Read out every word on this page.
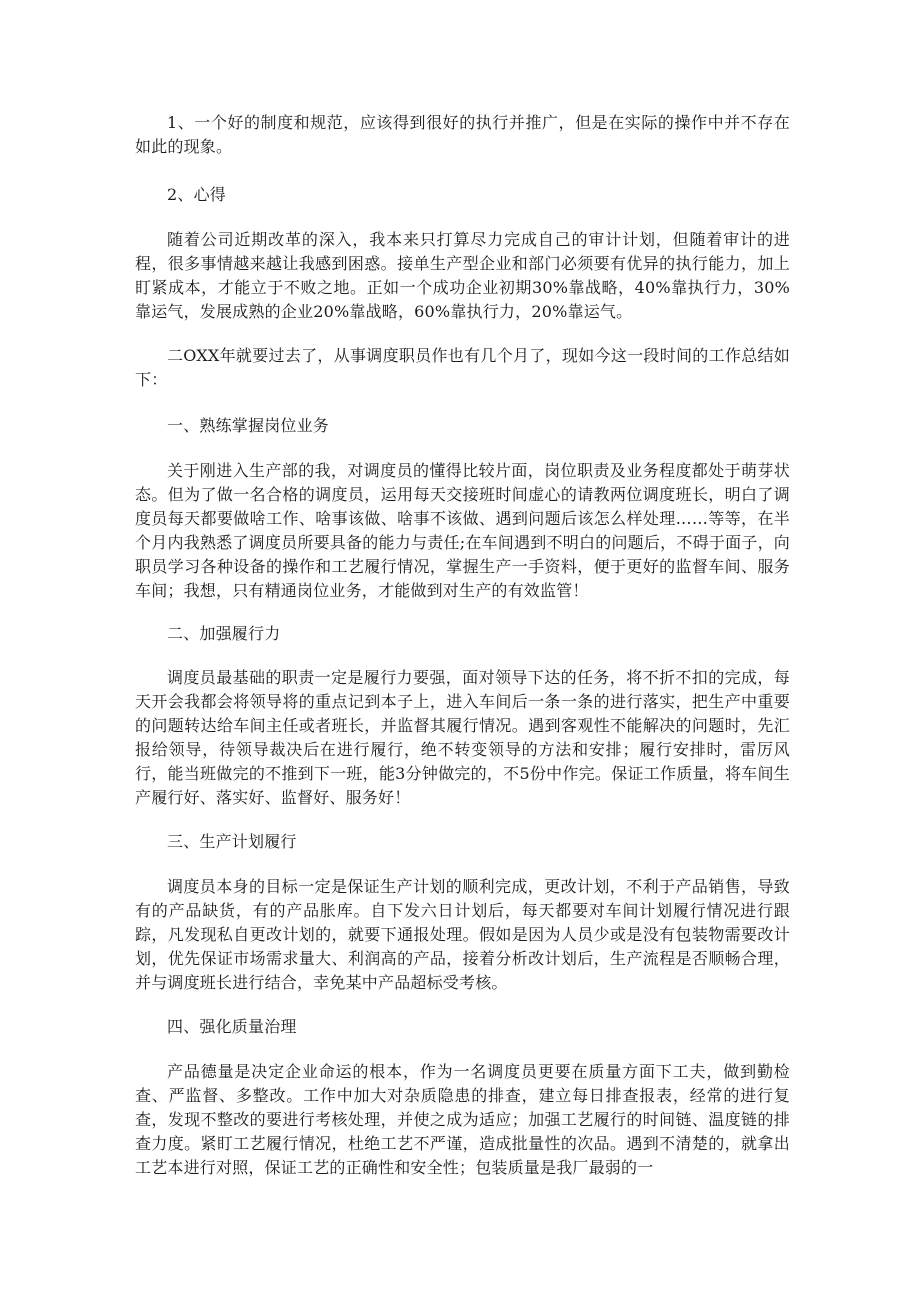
1、一个好的制度和规范，应该得到很好的执行并推广，但是在实际的操作中并不存在如此的现象。

2、心得

随着公司近期改革的深入，我本来只打算尽力完成自己的审计计划，但随着审计的进程，很多事情越来越让我感到困惑。接单生产型企业和部门必须要有优异的执行能力，加上盯紧成本，才能立于不败之地。正如一个成功企业初期30%靠战略，40%靠执行力，30%靠运气，发展成熟的企业20%靠战略，60%靠执行力，20%靠运气。

二OXX年就要过去了，从事调度职员作也有几个月了，现如今这一段时间的工作总结如下：

一、熟练掌握岗位业务

关于刚进入生产部的我，对调度员的懂得比较片面，岗位职责及业务程度都处于萌芽状态。但为了做一名合格的调度员，运用每天交接班时间虚心的请教两位调度班长，明白了调度员每天都要做啥工作、啥事该做、啥事不该做、遇到问题后该怎么样处理……等等，在半个月内我熟悉了调度员所要具备的能力与责任;在车间遇到不明白的问题后，不碍于面子，向职员学习各种设备的操作和工艺履行情况，掌握生产一手资料，便于更好的监督车间、服务车间；我想，只有精通岗位业务，才能做到对生产的有效监管！

二、加强履行力

调度员最基础的职责一定是履行力要强，面对领导下达的任务，将不折不扣的完成，每天开会我都会将领导将的重点记到本子上，进入车间后一条一条的进行落实，把生产中重要的问题转达给车间主任或者班长，并监督其履行情况。遇到客观性不能解决的问题时，先汇报给领导，待领导裁决后在进行履行，绝不转变领导的方法和安排；履行安排时，雷厉风行，能当班做完的不推到下一班，能3分钟做完的，不5份中作完。保证工作质量，将车间生产履行好、落实好、监督好、服务好！

三、生产计划履行

调度员本身的目标一定是保证生产计划的顺利完成，更改计划，不利于产品销售，导致有的产品缺货，有的产品胀库。自下发六日计划后，每天都要对车间计划履行情况进行跟踪，凡发现私自更改计划的，就要下通报处理。假如是因为人员少或是没有包装物需要改计划，优先保证市场需求量大、利润高的产品，接着分析改计划后，生产流程是否顺畅合理，并与调度班长进行结合，幸免某中产品超标受考核。

四、强化质量治理

产品德量是决定企业命运的根本，作为一名调度员更要在质量方面下工夫，做到勤检查、严监督、多整改。工作中加大对杂质隐患的排查，建立每日排查报表，经常的进行复查，发现不整改的要进行考核处理，并使之成为适应；加强工艺履行的时间链、温度链的排查力度。紧盯工艺履行情况，杜绝工艺不严谨，造成批量性的次品。遇到不清楚的，就拿出工艺本进行对照，保证工艺的正确性和安全性；包装质量是我厂最弱的一
